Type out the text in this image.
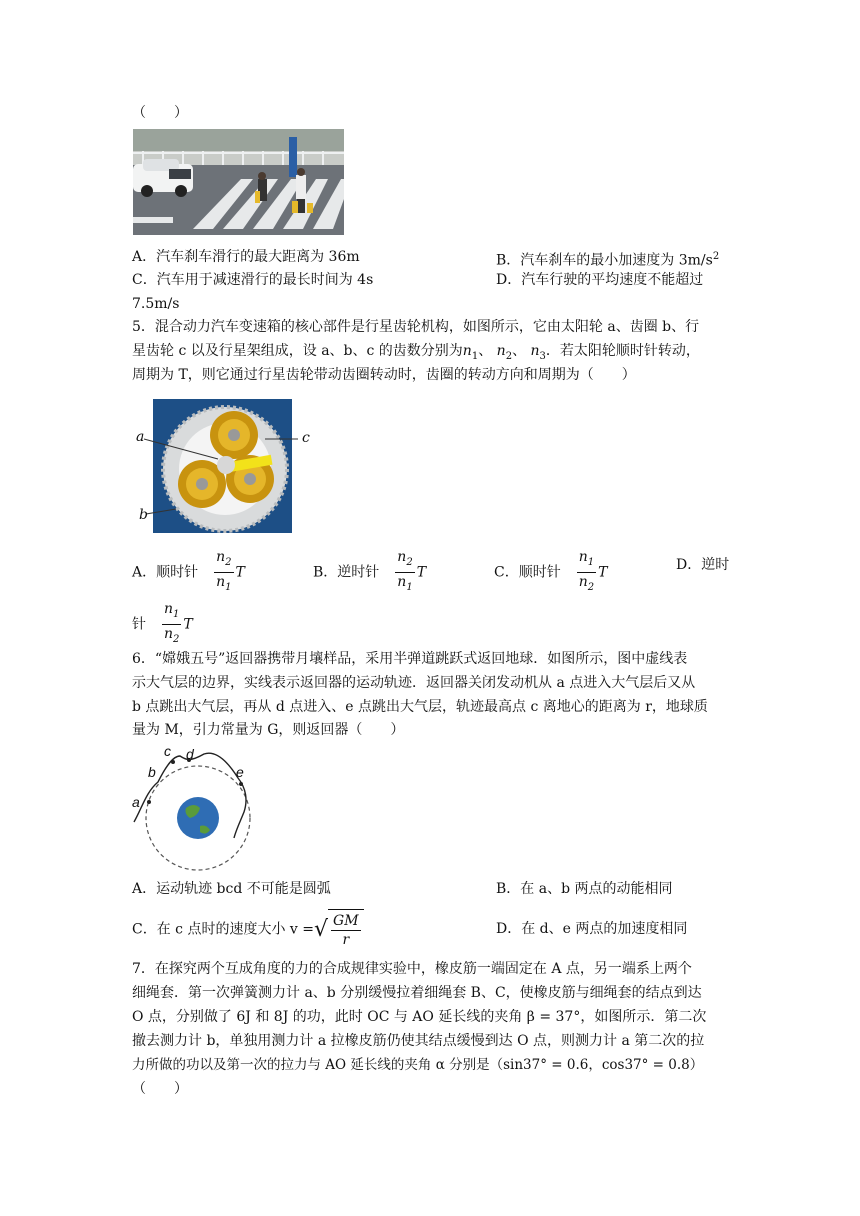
（　　）
A．汽车刹车滑行的最大距离为 36m	B．汽车刹车的最小加速度为 $3m/s^2$
C．汽车用于减速滑行的最长时间为 4s	D．汽车行驶的平均速度不能超过
7.5m/s
5．混合动力汽车变速箱的核心部件是行星齿轮机构，如图所示，它由太阳轮 a、齿圈 b、行
星齿轮 c 以及行星架组成，设 a、b、c 的齿数分别为$n_1$、 $n_2$、 $n_3$．若太阳轮顺时针转动，
周期为 T，则它通过行星齿轮带动齿圈转动时，齿圈的转动方向和周期为（　　）
a	c
b
A．顺时针　 $\frac{n_2}{n_1}$ T	B．逆时针　 $\frac{n_2}{n_1}$ T	C．顺时针　 $\frac{n_1}{n_2}$ T	D．逆时
针　 $\frac{n_1}{n_2}$ T
6．“嫦娥五号”返回器携带月壤样品，采用半弹道跳跃式返回地球．如图所示，图中虚线表
示大气层的边界，实线表示返回器的运动轨迹．返回器关闭发动机从 a 点进入大气层后又从
b 点跳出大气层，再从 d 点进入、e 点跳出大气层，轨迹最高点 c 离地心的距离为 r，地球质
量为 M，引力常量为 G，则返回器（　　）
a
b
c d
e
A．运动轨迹 bcd 不可能是圆弧	B．在 a、b 两点的动能相同
C．在 c 点时的速度大小 v =√ $\frac{GM}{r}$	D．在 d、e 两点的加速度相同
7．在探究两个互成角度的力的合成规律实验中，橡皮筋一端固定在 A 点，另一端系上两个
细绳套．第一次弹簧测力计 a、b 分别缓慢拉着细绳套 B、C，使橡皮筋与细绳套的结点到达
O 点，分别做了 6J 和 8J 的功，此时 OC 与 AO 延长线的夹角 β = 37°，如图所示．第二次
撤去测力计 b，单独用测力计 a 拉橡皮筋仍使其结点缓慢到达 O 点，则测力计 a 第二次的拉
力所做的功以及第一次的拉力与 AO 延长线的夹角 α 分别是（sin37° = 0.6，cos37° = 0.8）
（　　）
